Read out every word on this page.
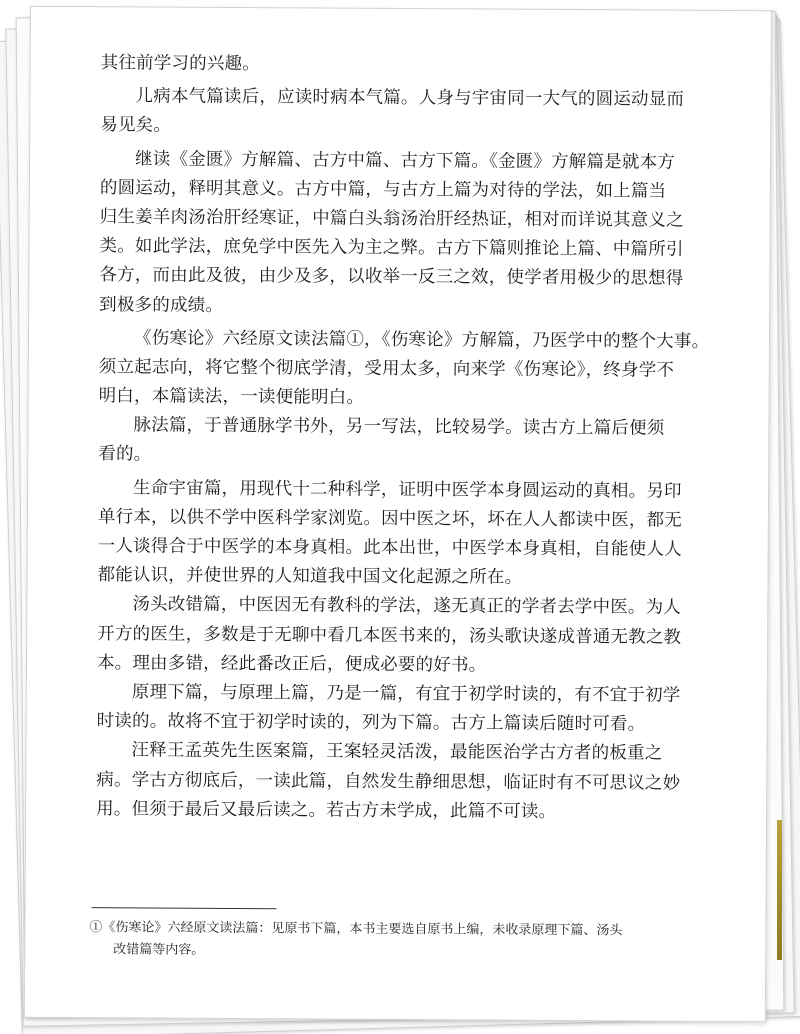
其往前学习的兴趣。
儿病本气篇读后，应读时病本气篇。人身与宇宙同一大气的圆运动显而
易见矣。
继读《金匮》方解篇、古方中篇、古方下篇。《金匮》方解篇是就本方
的圆运动，释明其意义。古方中篇，与古方上篇为对待的学法，如上篇当
归生姜羊肉汤治肝经寒证，中篇白头翁汤治肝经热证，相对而详说其意义之
类。如此学法，庶免学中医先入为主之弊。古方下篇则推论上篇、中篇所引
各方，而由此及彼，由少及多，以收举一反三之效，使学者用极少的思想得
到极多的成绩。
《伤寒论》六经原文读法篇①，《伤寒论》方解篇，乃医学中的整个大事。
须立起志向，将它整个彻底学清，受用太多，向来学《伤寒论》，终身学不
明白，本篇读法，一读便能明白。
脉法篇，于普通脉学书外，另一写法，比较易学。读古方上篇后便须
看的。
生命宇宙篇，用现代十二种科学，证明中医学本身圆运动的真相。另印
单行本，以供不学中医科学家浏览。因中医之坏，坏在人人都读中医，都无
一人谈得合于中医学的本身真相。此本出世，中医学本身真相，自能使人人
都能认识，并使世界的人知道我中国文化起源之所在。
汤头改错篇，中医因无有教科的学法，遂无真正的学者去学中医。为人
开方的医生，多数是于无聊中看几本医书来的，汤头歌诀遂成普通无教之教
本。理由多错，经此番改正后，便成必要的好书。
原理下篇，与原理上篇，乃是一篇，有宜于初学时读的，有不宜于初学
时读的。故将不宜于初学时读的，列为下篇。古方上篇读后随时可看。
汪释王孟英先生医案篇，王案轻灵活泼，最能医治学古方者的板重之
病。学古方彻底后，一读此篇，自然发生静细思想，临证时有不可思议之妙
用。但须于最后又最后读之。若古方未学成，此篇不可读。
①《伤寒论》六经原文读法篇：见原书下篇，本书主要选自原书上编，未收录原理下篇、汤头
改错篇等内容。
